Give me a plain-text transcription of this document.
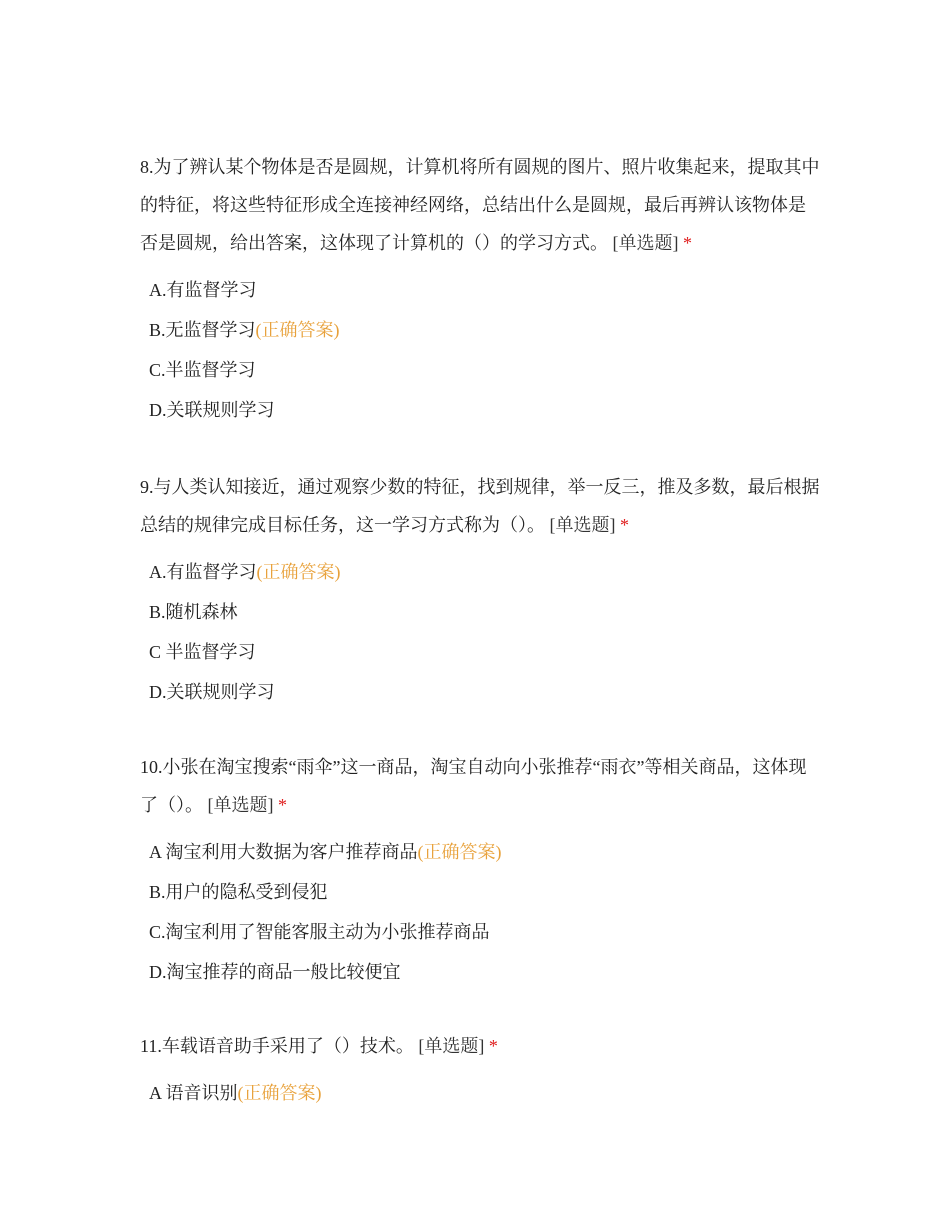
8.为了辨认某个物体是否是圆规，计算机将所有圆规的图片、照片收集起来，提取其中的特征，将这些特征形成全连接神经网络，总结出什么是圆规，最后再辨认该物体是否是圆规，给出答案，这体现了计算机的（）的学习方式。 [单选题] *

A.有监督学习
B.无监督学习(正确答案)
C.半监督学习
D.关联规则学习

9.与人类认知接近，通过观察少数的特征，找到规律，举一反三，推及多数，最后根据总结的规律完成目标任务，这一学习方式称为（）。 [单选题] *

A.有监督学习(正确答案)
B.随机森林
C 半监督学习
D.关联规则学习

10.小张在淘宝搜索“雨伞”这一商品，淘宝自动向小张推荐“雨衣”等相关商品，这体现了（）。 [单选题] *

A 淘宝利用大数据为客户推荐商品(正确答案)
B.用户的隐私受到侵犯
C.淘宝利用了智能客服主动为小张推荐商品
D.淘宝推荐的商品一般比较便宜

11.车载语音助手采用了（）技术。 [单选题] *

A 语音识别(正确答案)
